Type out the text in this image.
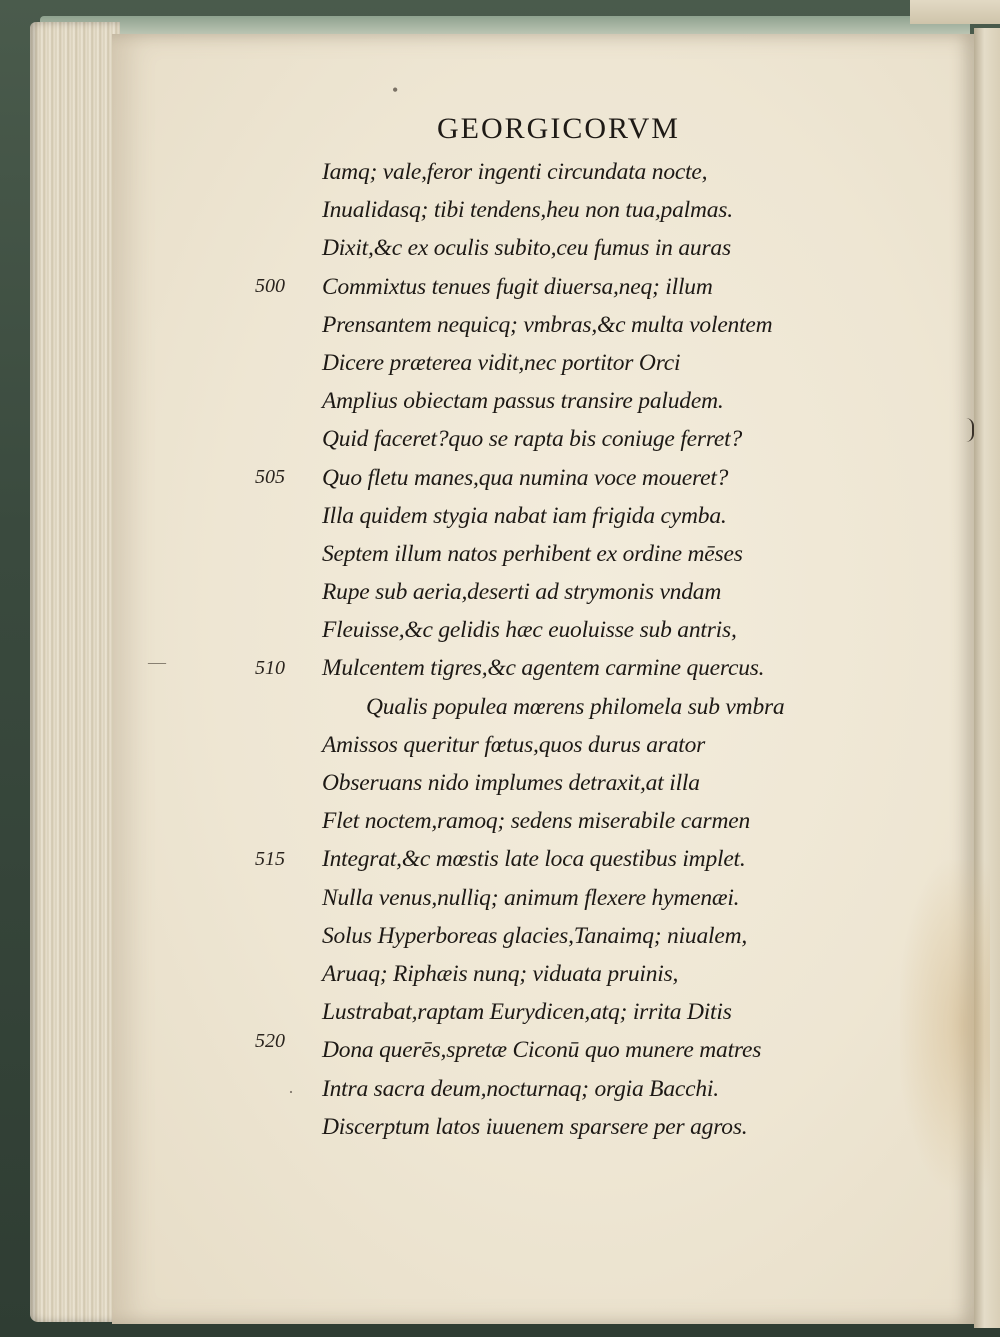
GEORGICORVM
Iamq; vale,feror ingenti circundata nocte,
Inualidasq; tibi tendens,heu non tua,palmas.
Dixit,&c ex oculis subito,ceu fumus in auras
Commixtus tenues fugit diuersa,neq; illum
Prensantem nequicq; vmbras,&c multa volentem
Dicere præterea vidit,nec portitor Orci
Amplius obiectam passus transire paludem.
Quid faceret?quo se rapta bis coniuge ferret?
Quo fletu manes,qua numina voce moueret?
Illa quidem stygia nabat iam frigida cymba.
Septem illum natos perhibent ex ordine mēses
Rupe sub aeria,deserti ad strymonis vndam
Fleuisse,&c gelidis hæc euoluisse sub antris,
Mulcentem tigres,&c agentem carmine quercus.
Qualis populea mœrens philomela sub vmbra
Amissos queritur fœtus,quos durus arator
Obseruans nido implumes detraxit,at illa
Flet noctem,ramoq; sedens miserabile carmen
Integrat,&c mœstis late loca questibus implet.
Nulla venus,nulliq; animum flexere hymenæi.
Solus Hyperboreas glacies,Tanaimq; niualem,
Aruaq; Riphæis nunq; viduata pruinis,
Lustrabat,raptam Eurydicen,atq; irrita Ditis
Dona querēs,spretæ Ciconū quo munere matres
Intra sacra deum,nocturnaq; orgia Bacchi.
Discerptum latos iuuenem sparsere per agros.
500
505
510
515
520
—
•
·
